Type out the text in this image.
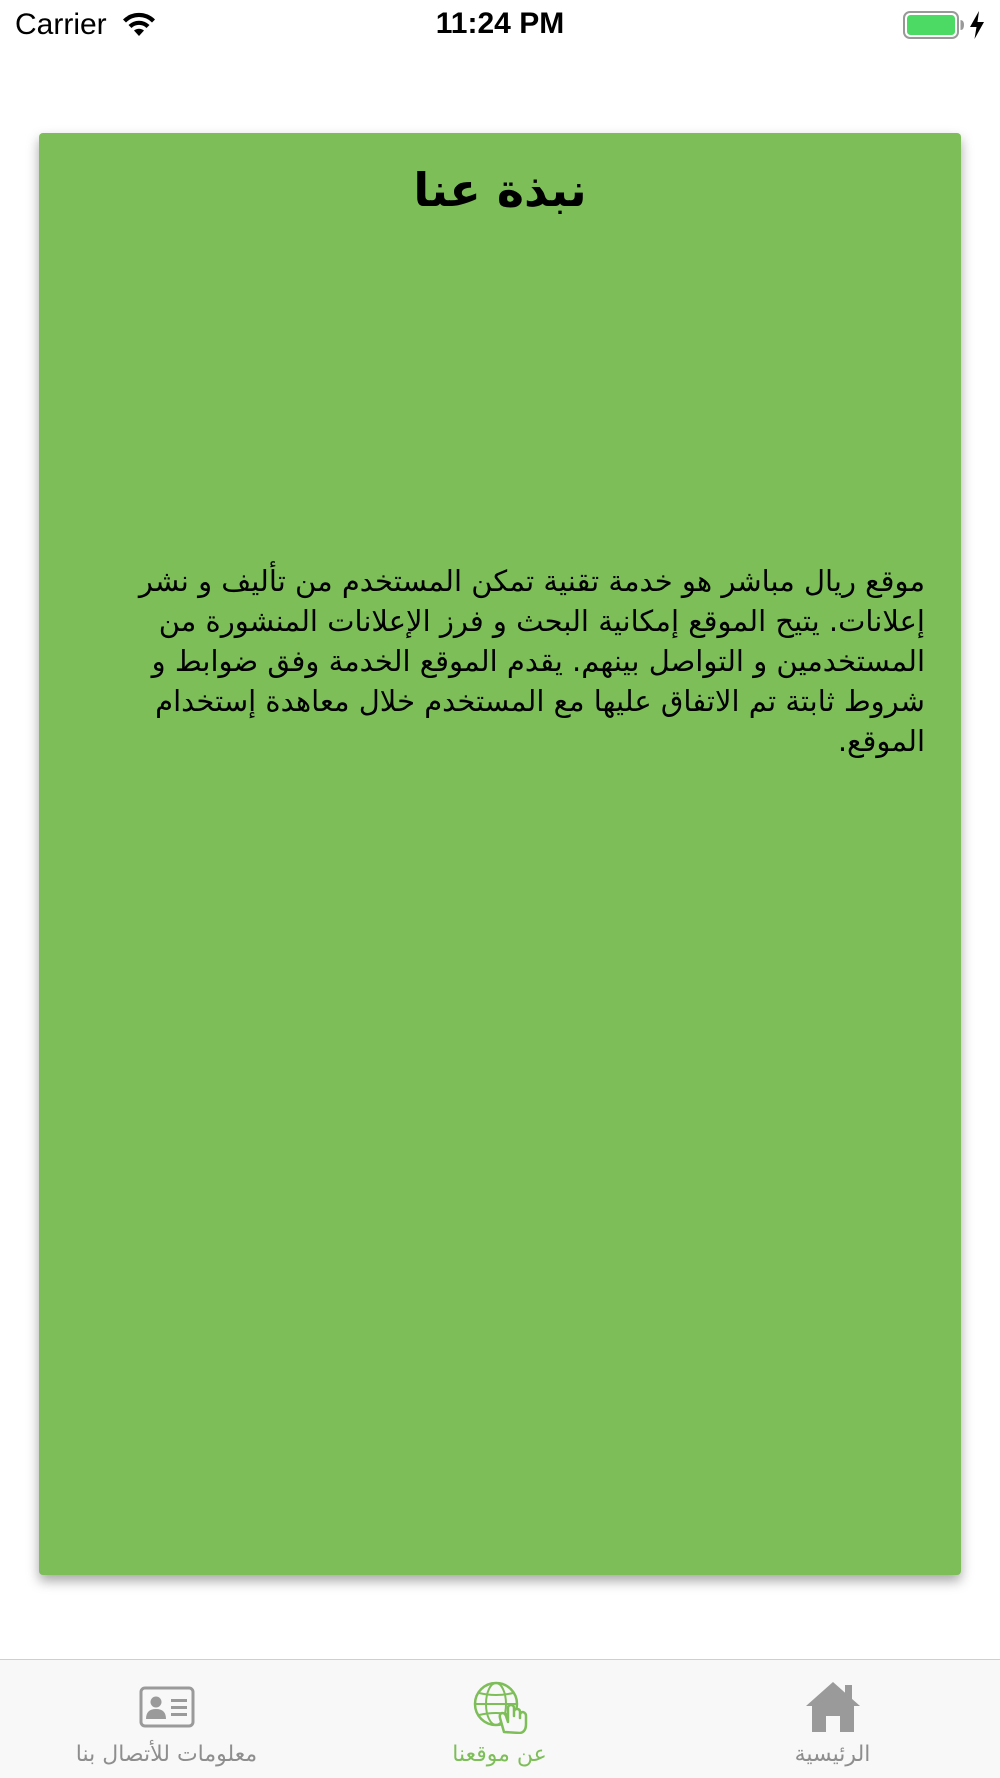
Carrier	11:24 PM
نبذة عنا

موقع ريال مباشر هو خدمة تقنية تمكن المستخدم من تأليف و نشر إعلانات. يتيح الموقع إمكانية البحث و فرز الإعلانات المنشورة من المستخدمين و التواصل بينهم. يقدم الموقع الخدمة وفق ضوابط و شروط ثابتة تم الاتفاق عليها مع المستخدم خلال معاهدة إستخدام الموقع.

معلومات للأتصال بنا	عن موقعنا	الرئيسية
